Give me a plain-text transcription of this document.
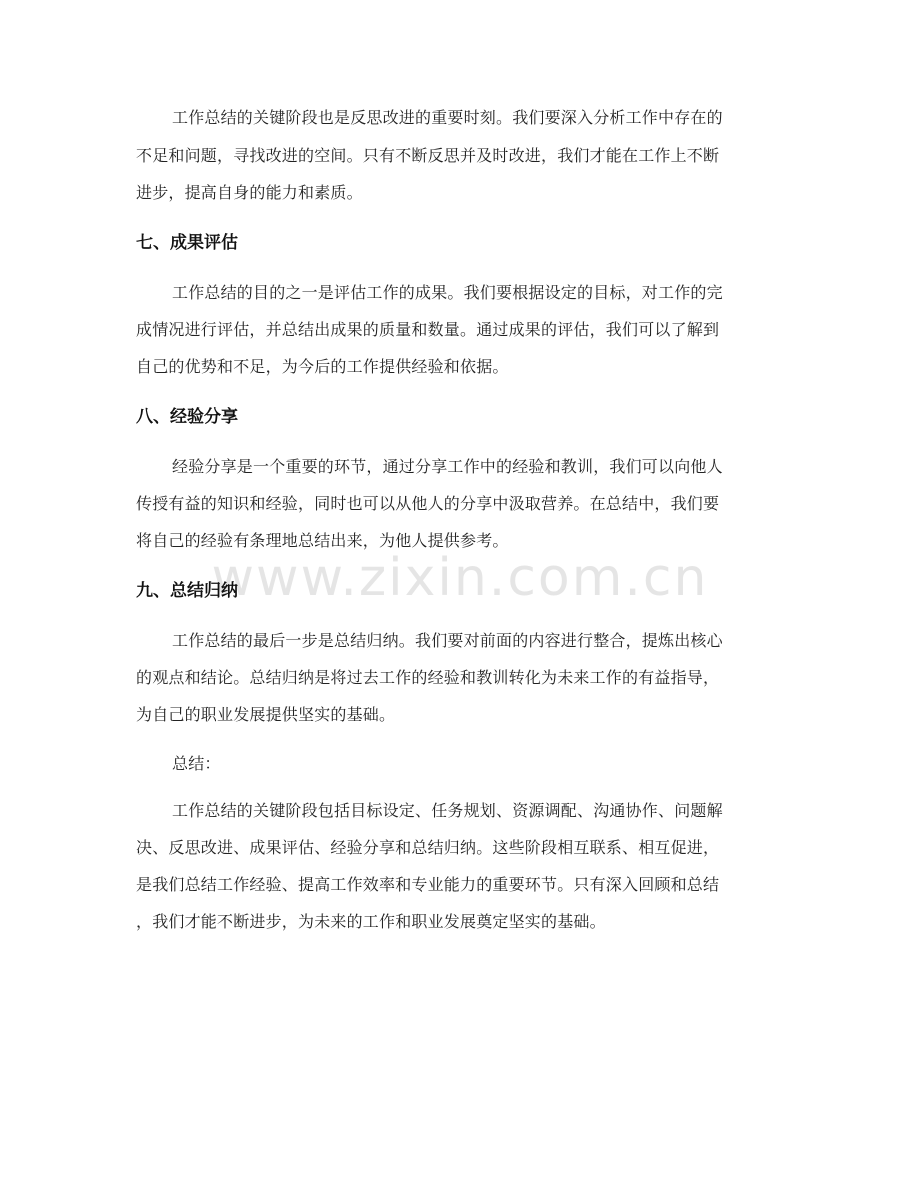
www.zixin.com.cn
工作总结的关键阶段也是反思改进的重要时刻。我们要深入分析工作中存在的
不足和问题，寻找改进的空间。只有不断反思并及时改进，我们才能在工作上不断
进步，提高自身的能力和素质。
七、成果评估
工作总结的目的之一是评估工作的成果。我们要根据设定的目标，对工作的完
成情况进行评估，并总结出成果的质量和数量。通过成果的评估，我们可以了解到
自己的优势和不足，为今后的工作提供经验和依据。
八、经验分享
经验分享是一个重要的环节，通过分享工作中的经验和教训，我们可以向他人
传授有益的知识和经验，同时也可以从他人的分享中汲取营养。在总结中，我们要
将自己的经验有条理地总结出来，为他人提供参考。
九、总结归纳
工作总结的最后一步是总结归纳。我们要对前面的内容进行整合，提炼出核心
的观点和结论。总结归纳是将过去工作的经验和教训转化为未来工作的有益指导，
为自己的职业发展提供坚实的基础。
总结：
工作总结的关键阶段包括目标设定、任务规划、资源调配、沟通协作、问题解
决、反思改进、成果评估、经验分享和总结归纳。这些阶段相互联系、相互促进，
是我们总结工作经验、提高工作效率和专业能力的重要环节。只有深入回顾和总结
，我们才能不断进步，为未来的工作和职业发展奠定坚实的基础。
